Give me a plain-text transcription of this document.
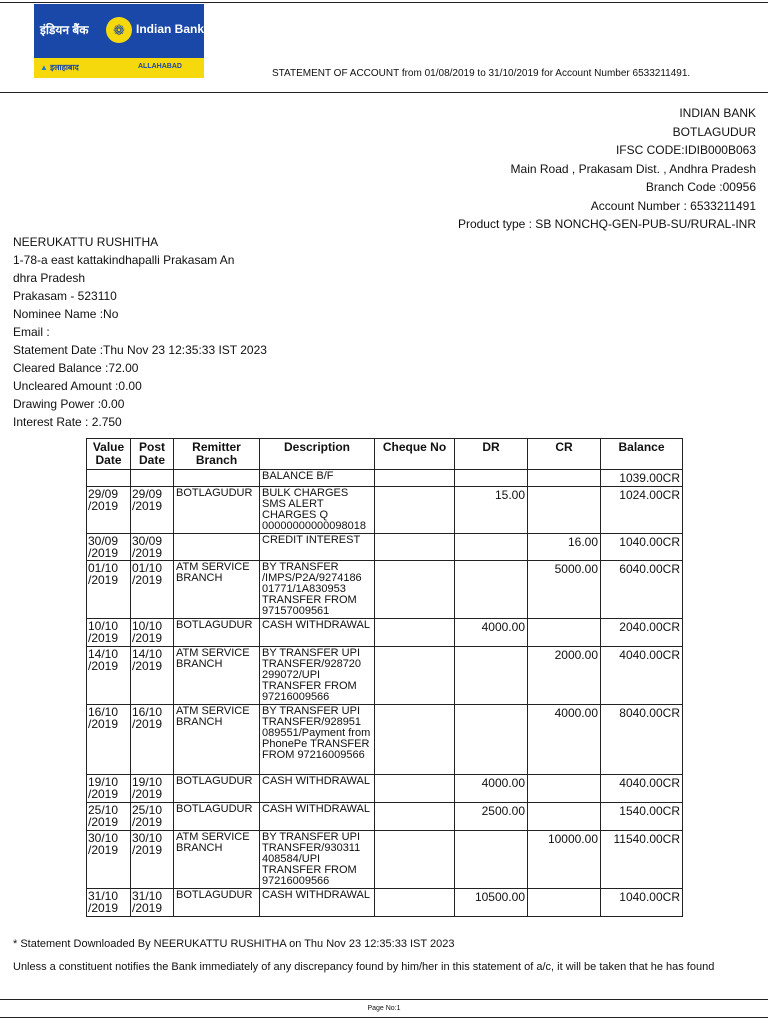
इंडियन बैंक	❁ Indian Bank
▲ इलाहाबाद	ALLAHABAD
STATEMENT OF ACCOUNT from 01/08/2019 to 31/10/2019 for Account Number 6533211491.
INDIAN BANK
BOTLAGUDUR
IFSC CODE:IDIB000B063
Main Road , Prakasam Dist. , Andhra Pradesh
Branch Code :00956
Account Number : 6533211491
Product type : SB NONCHQ-GEN-PUB-SU/RURAL-INR
NEERUKATTU RUSHITHA
1-78-a east kattakindhapalli Prakasam An
dhra Pradesh
Prakasam - 523110
Nominee Name :No
Email :
Statement Date :Thu Nov 23 12:35:33 IST 2023
Cleared Balance :72.00
Uncleared Amount :0.00
Drawing Power :0.00
Interest Rate : 2.750
Value Date	Post Date	Remitter Branch	Description	Cheque No	DR	CR	Balance
			BALANCE B/F				1039.00CR
29/09 /2019	29/09 /2019	BOTLAGUDUR	BULK CHARGES SMS ALERT CHARGES Q 00000000000098018		15.00		1024.00CR
30/09 /2019	30/09 /2019		CREDIT INTEREST			16.00	1040.00CR
01/10 /2019	01/10 /2019	ATM SERVICE BRANCH	BY TRANSFER /IMPS/P2A/9274186 01771/1A830953 TRANSFER FROM 97157009561			5000.00	6040.00CR
10/10 /2019	10/10 /2019	BOTLAGUDUR	CASH WITHDRAWAL		4000.00		2040.00CR
14/10 /2019	14/10 /2019	ATM SERVICE BRANCH	BY TRANSFER UPI TRANSFER/928720 299072/UPI TRANSFER FROM 97216009566			2000.00	4040.00CR
16/10 /2019	16/10 /2019	ATM SERVICE BRANCH	BY TRANSFER UPI TRANSFER/928951 089551/Payment from PhonePe TRANSFER FROM 97216009566			4000.00	8040.00CR
19/10 /2019	19/10 /2019	BOTLAGUDUR	CASH WITHDRAWAL		4000.00		4040.00CR
25/10 /2019	25/10 /2019	BOTLAGUDUR	CASH WITHDRAWAL		2500.00		1540.00CR
30/10 /2019	30/10 /2019	ATM SERVICE BRANCH	BY TRANSFER UPI TRANSFER/930311 408584/UPI TRANSFER FROM 97216009566			10000.00	11540.00CR
31/10 /2019	31/10 /2019	BOTLAGUDUR	CASH WITHDRAWAL		10500.00		1040.00CR
* Statement Downloaded By NEERUKATTU RUSHITHA on Thu Nov 23 12:35:33 IST 2023
Unless a constituent notifies the Bank immediately of any discrepancy found by him/her in this statement of a/c, it will be taken that he has found
Page No:1
